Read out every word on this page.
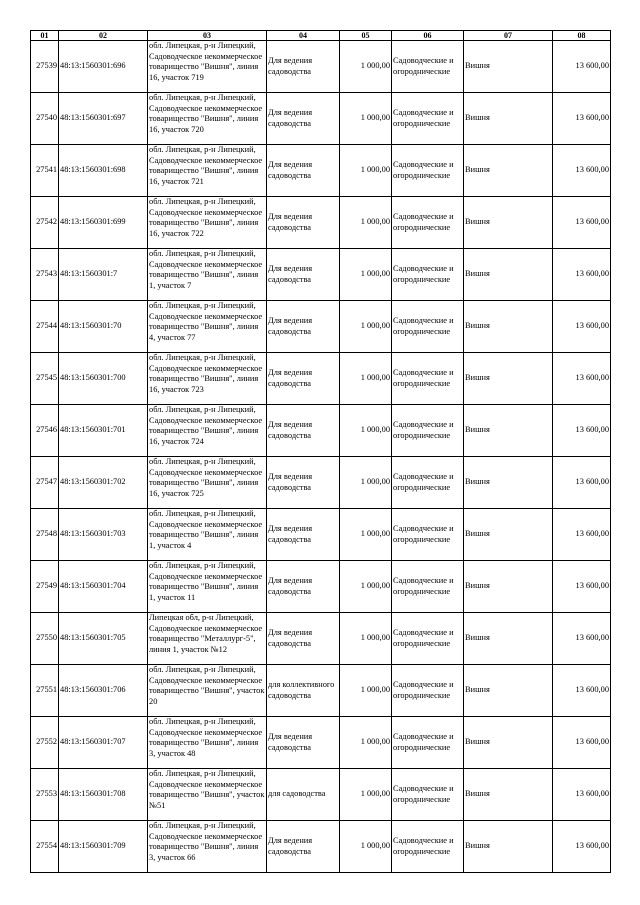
01	02	03	04	05	06	07	08
27539	48:13:1560301:696	обл. Липецкая, р-н Липецкий, Садоводческое некоммерческое товарищество "Вишня", линия 16, участок 719	Для ведения садоводства	1 000,00	Садоводческие и огороднические	Вишня	13 600,00
27540	48:13:1560301:697	обл. Липецкая, р-н Липецкий, Садоводческое некоммерческое товарищество "Вишня", линия 16, участок 720	Для ведения садоводства	1 000,00	Садоводческие и огороднические	Вишня	13 600,00
27541	48:13:1560301:698	обл. Липецкая, р-н Липецкий, Садоводческое некоммерческое товарищество "Вишня", линия 16, участок 721	Для ведения садоводства	1 000,00	Садоводческие и огороднические	Вишня	13 600,00
27542	48:13:1560301:699	обл. Липецкая, р-н Липецкий, Садоводческое некоммерческое товарищество "Вишня", линия 16, участок 722	Для ведения садоводства	1 000,00	Садоводческие и огороднические	Вишня	13 600,00
27543	48:13:1560301:7	обл. Липецкая, р-н Липецкий, Садоводческое некоммерческое товарищество "Вишня", линия 1, участок 7	Для ведения садоводства	1 000,00	Садоводческие и огороднические	Вишня	13 600,00
27544	48:13:1560301:70	обл. Липецкая, р-н Липецкий, Садоводческое некоммерческое товарищество "Вишня", линия 4, участок 77	Для ведения садоводства	1 000,00	Садоводческие и огороднические	Вишня	13 600,00
27545	48:13:1560301:700	обл. Липецкая, р-н Липецкий, Садоводческое некоммерческое товарищество "Вишня", линия 16, участок 723	Для ведения садоводства	1 000,00	Садоводческие и огороднические	Вишня	13 600,00
27546	48:13:1560301:701	обл. Липецкая, р-н Липецкий, Садоводческое некоммерческое товарищество "Вишня", линия 16, участок 724	Для ведения садоводства	1 000,00	Садоводческие и огороднические	Вишня	13 600,00
27547	48:13:1560301:702	обл. Липецкая, р-н Липецкий, Садоводческое некоммерческое товарищество "Вишня", линия 16, участок 725	Для ведения садоводства	1 000,00	Садоводческие и огороднические	Вишня	13 600,00
27548	48:13:1560301:703	обл. Липецкая, р-н Липецкий, Садоводческое некоммерческое товарищество "Вишня", линия 1, участок 4	Для ведения садоводства	1 000,00	Садоводческие и огороднические	Вишня	13 600,00
27549	48:13:1560301:704	обл. Липецкая, р-н Липецкий, Садоводческое некоммерческое товарищество "Вишня", линия 1, участок 11	Для ведения садоводства	1 000,00	Садоводческие и огороднические	Вишня	13 600,00
27550	48:13:1560301:705	Липецкая обл, р-н Липецкий, Садоводческое некоммерческое товарищество "Металлург-5", линия 1, участок №12	Для ведения садоводства	1 000,00	Садоводческие и огороднические	Вишня	13 600,00
27551	48:13:1560301:706	обл. Липецкая, р-н Липецкий, Садоводческое некоммерческое товарищество "Вишня", участок 20	для коллективного садоводства	1 000,00	Садоводческие и огороднические	Вишня	13 600,00
27552	48:13:1560301:707	обл. Липецкая, р-н Липецкий, Садоводческое некоммерческое товарищество "Вишня", линия 3, участок 48	Для ведения садоводства	1 000,00	Садоводческие и огороднические	Вишня	13 600,00
27553	48:13:1560301:708	обл. Липецкая, р-н Липецкий, Садоводческое некоммерческое товарищество "Вишня", участок №51	для садоводства	1 000,00	Садоводческие и огороднические	Вишня	13 600,00
27554	48:13:1560301:709	обл. Липецкая, р-н Липецкий, Садоводческое некоммерческое товарищество "Вишня", линия 3, участок 66	Для ведения садоводства	1 000,00	Садоводческие и огороднические	Вишня	13 600,00
